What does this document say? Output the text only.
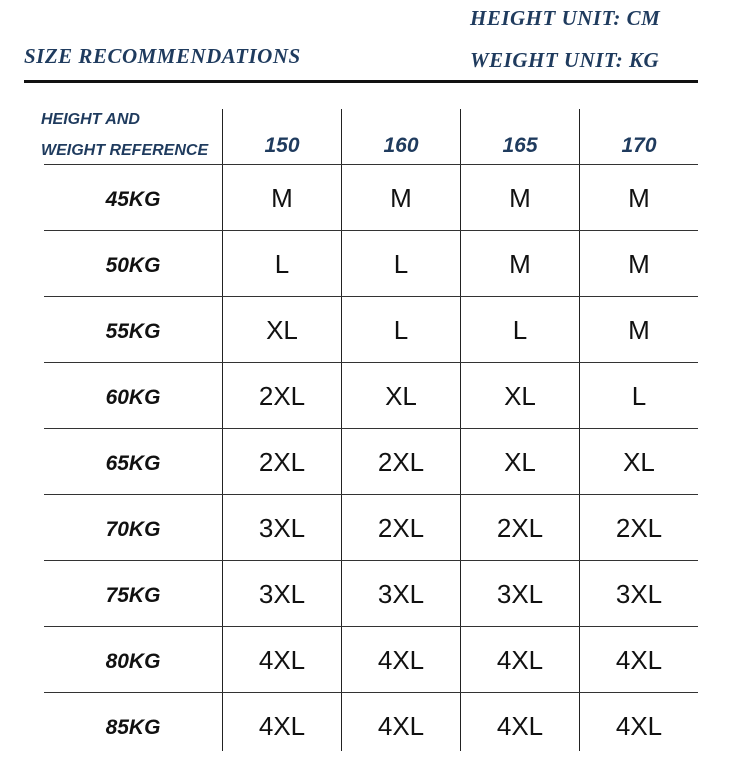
HEIGHT UNIT: CM
SIZE RECOMMENDATIONS	WEIGHT UNIT: KG
HEIGHT AND
WEIGHT REFERENCE	150	160	165	170
45KG	M	M	M	M
50KG	L	L	M	M
55KG	XL	L	L	M
60KG	2XL	XL	XL	L
65KG	2XL	2XL	XL	XL
70KG	3XL	2XL	2XL	2XL
75KG	3XL	3XL	3XL	3XL
80KG	4XL	4XL	4XL	4XL
85KG	4XL	4XL	4XL	4XL
